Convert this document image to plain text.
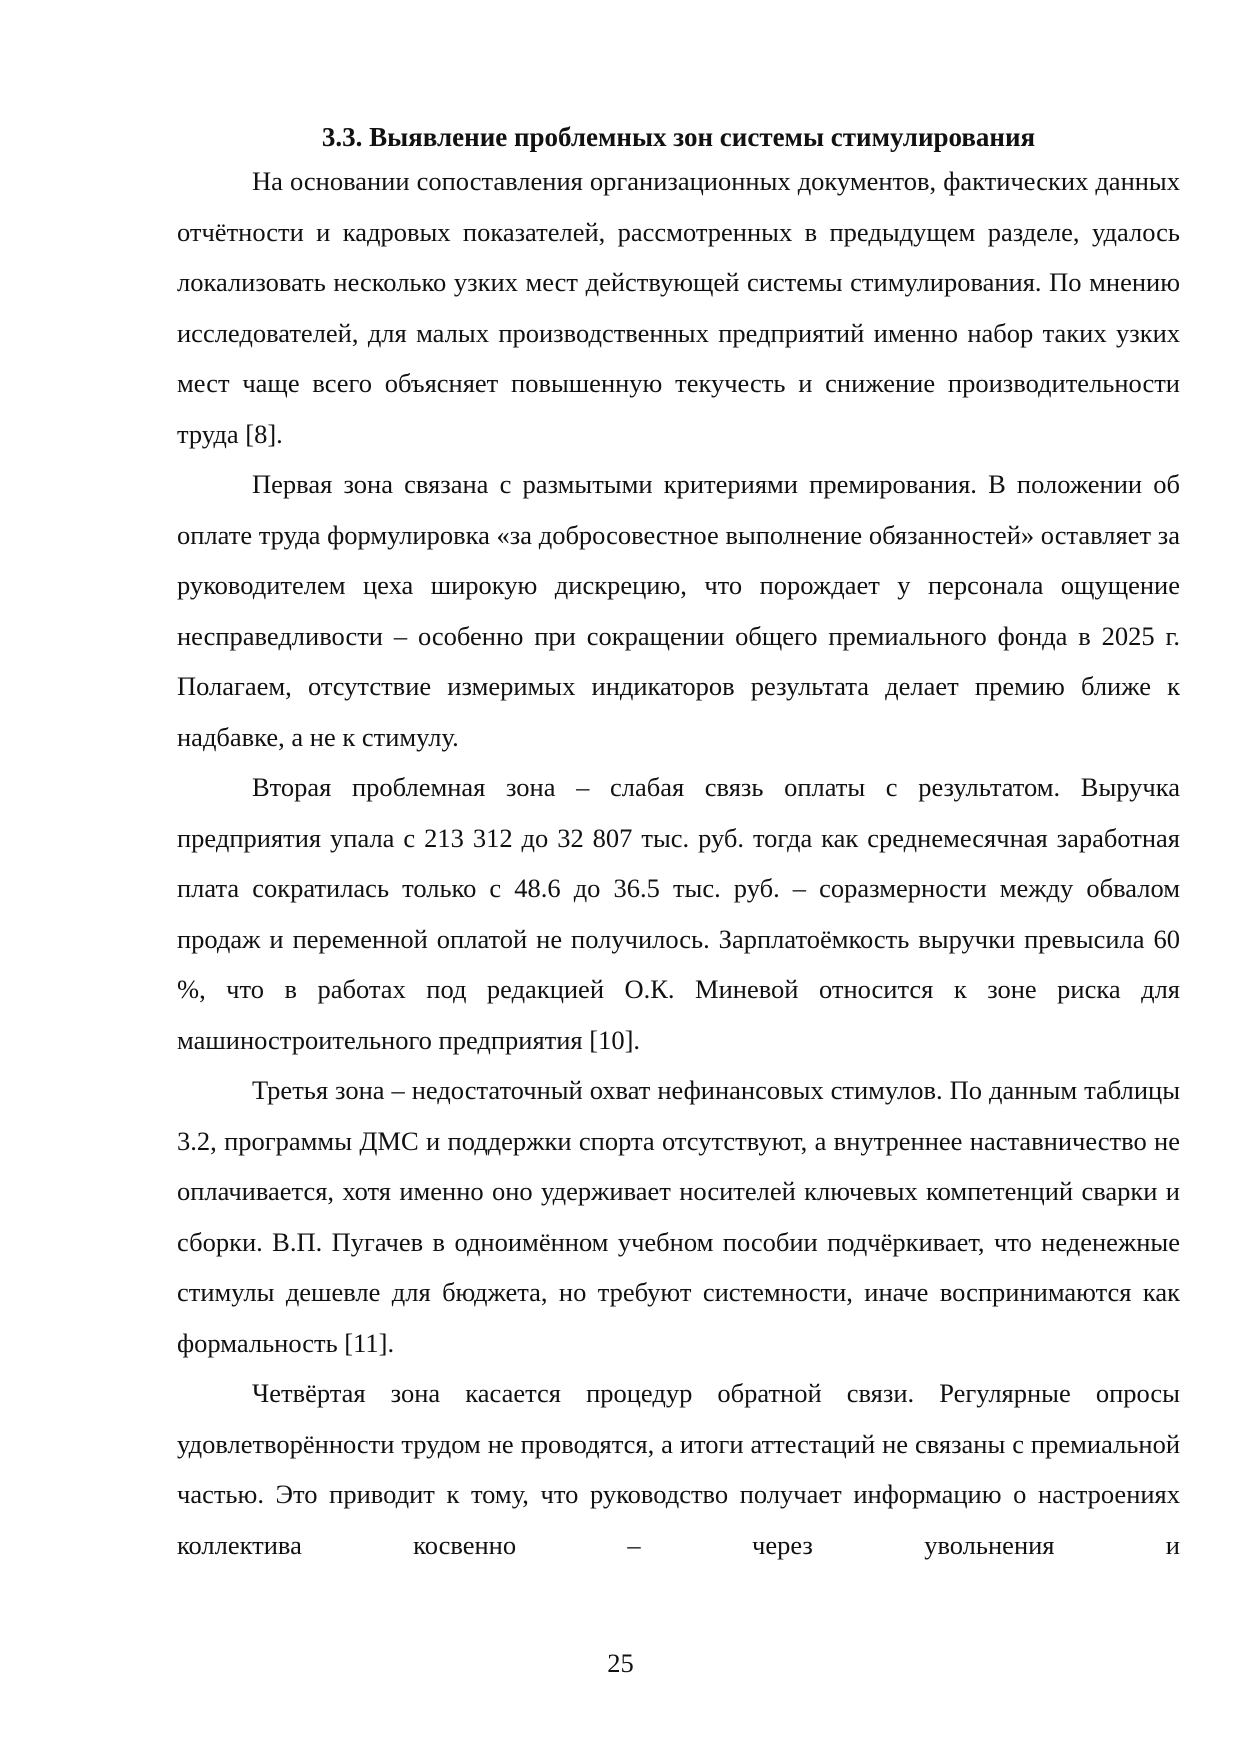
3.3. Выявление проблемных зон системы стимулирования

На основании сопоставления организационных документов, фактических данных отчётности и кадровых показателей, рассмотренных в предыдущем разделе, удалось локализовать несколько узких мест действующей системы стимулирования. По мнению исследователей, для малых производственных предприятий именно набор таких узких мест чаще всего объясняет повышенную текучесть и снижение производительности труда [8].

Первая зона связана с размытыми критериями премирования. В положении об оплате труда формулировка «за добросовестное выполнение обязанностей» оставляет за руководителем цеха широкую дискрецию, что порождает у персонала ощущение несправедливости – особенно при сокращении общего премиального фонда в 2025 г. Полагаем, отсутствие измеримых индикаторов результата делает премию ближе к надбавке, а не к стимулу.

Вторая проблемная зона – слабая связь оплаты с результатом. Выручка предприятия упала с 213 312 до 32 807 тыс. руб. тогда как среднемесячная заработная плата сократилась только с 48.6 до 36.5 тыс. руб. – соразмерности между обвалом продаж и переменной оплатой не получилось. Зарплатоёмкость выручки превысила 60 %, что в работах под редакцией О.К. Миневой относится к зоне риска для машиностроительного предприятия [10].

Третья зона – недостаточный охват нефинансовых стимулов. По данным таблицы 3.2, программы ДМС и поддержки спорта отсутствуют, а внутреннее наставничество не оплачивается, хотя именно оно удерживает носителей ключевых компетенций сварки и сборки. В.П. Пугачев в одноимённом учебном пособии подчёркивает, что неденежные стимулы дешевле для бюджета, но требуют системности, иначе воспринимаются как формальность [11].

Четвёртая зона касается процедур обратной связи. Регулярные опросы удовлетворённости трудом не проводятся, а итоги аттестаций не связаны с премиальной частью. Это приводит к тому, что руководство получает информацию о настроениях коллектива косвенно – через увольнения и

25
